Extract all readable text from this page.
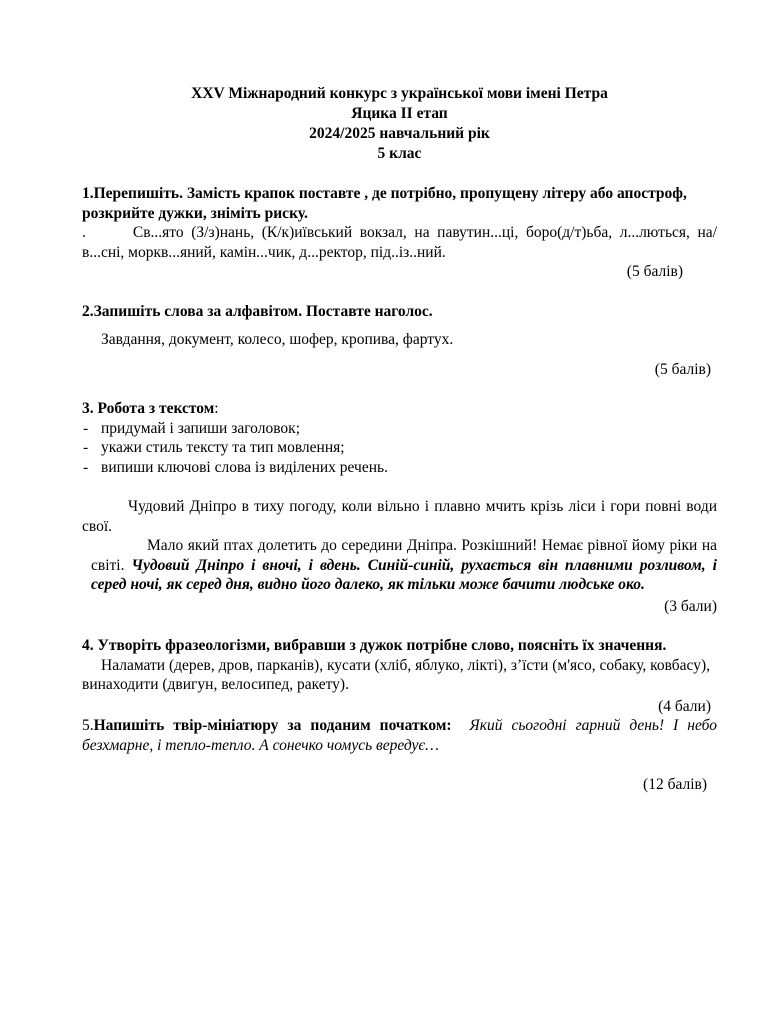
XXV Міжнародний конкурс з української мови імені Петра
Яцика ІІ етап
2024/2025 навчальний рік
5 клас

1.Перепишіть. Замість крапок поставте , де потрібно, пропущену літеру або апостроф, розкрийте дужки, зніміть риску.

.	Св...ято (З/з)нань, (К/к)иївський вокзал, на павутин...ці, боро(д/т)ьба, л...лються, на/в...сні, моркв...яний, камін...чик, д...ректор, під..із..ний.

(5 балів)

2.Запишіть слова за алфавітом. Поставте наголос.

Завдання, документ, колесо, шофер, кропива, фартух.

(5 балів)

3. Робота з текстом:

- придумай і запиши заголовок;
- укажи стиль тексту та тип мовлення;
- випиши ключові слова із виділених речень.

Чудовий Дніпро в тиху погоду, коли вільно і плавно мчить крізь ліси і гори повні води свої.

Мало який птах долетить до середини Дніпра. Розкішний! Немає рівної йому ріки на світі. Чудовий Дніпро і вночі, і вдень. Синій-синій, рухається він плавними розливом, і серед ночі, як серед дня, видно його далеко, як тільки може бачити людське око.

(3 бали)

4. Утворіть фразеологізми, вибравши з дужок потрібне слово, поясніть їх значення.

Наламати (дерев, дров, парканів), кусати (хліб, яблуко, лікті), з’їсти (м'ясо, собаку, ковбасу), винаходити (двигун, велосипед, ракету).

(4 бали)

5.Напишіть твір-мініатюру за поданим початком: Який сьогодні гарний день! І небо безхмарне, і тепло-тепло. А сонечко чомусь вередує…

(12 балів)
